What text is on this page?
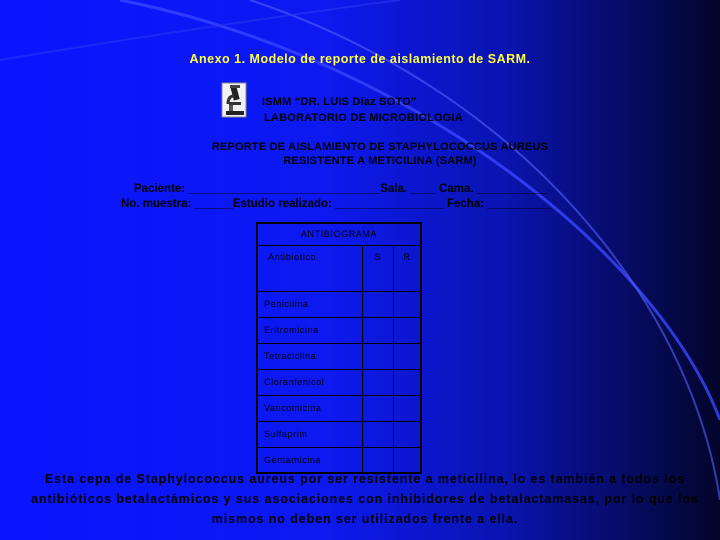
Anexo 1. Modelo de reporte de aislamiento de SARM.
ISMM “DR. LUIS Díaz SOTO”
LABORATORIO DE MICROBIOLOGIA
REPORTE DE AISLAMIENTO DE STAPHYLOCOCCUS AUREUS
RESISTENTE A METICILINA (SARM)
Paciente: ______________________________Sala. ____ Cama. ___________
No. muestra: ______Estudio realizado: _________________ Fecha: __________
ANTIBIOGRAMA		
Antibiotico	S	R
Penicilina		
Eritromicina		
Tetraciclina		
Cloranfenicol		
Vancomicina		
Sulfaprim		
Gentamicina		
Esta cepa de Staphylococcus aureus por ser resistente a meticilina, lo es también a todos los antibióticos betalactámicos y sus asociaciones con inhibidores de betalactamasas, por lo que los mismos no deben ser utilizados frente a ella.
